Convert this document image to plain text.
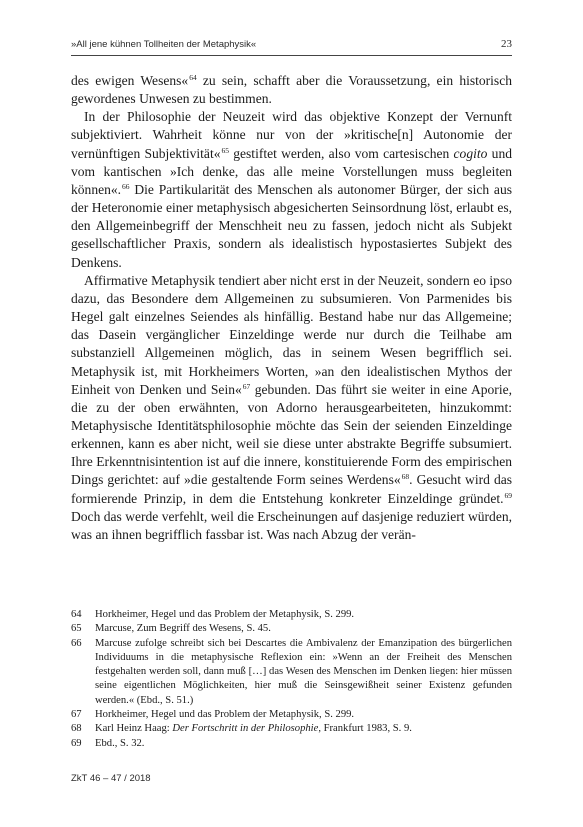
»All jene kühnen Tollheiten der Metaphysik«	23

des ewigen Wesens«$^{64}$ zu sein, schafft aber die Voraussetzung, ein historisch gewordenes Unwesen zu bestimmen.

In der Philosophie der Neuzeit wird das objektive Konzept der Vernunft subjektiviert. Wahrheit könne nur von der »kritische[n] Autonomie der vernünftigen Subjektivität«$^{65}$ gestiftet werden, also vom cartesischen cogito und vom kantischen »Ich denke, das alle meine Vorstellungen muss begleiten können«.$^{66}$ Die Partikularität des Menschen als autonomer Bürger, der sich aus der Heteronomie einer metaphysisch abgesicherten Seinsordnung löst, erlaubt es, den Allgemeinbegriff der Menschheit neu zu fassen, jedoch nicht als Subjekt gesellschaftlicher Praxis, sondern als idealistisch hypostasiertes Subjekt des Denkens.

Affirmative Metaphysik tendiert aber nicht erst in der Neuzeit, sondern eo ipso dazu, das Besondere dem Allgemeinen zu subsumieren. Von Parmenides bis Hegel galt einzelnes Seiendes als hinfällig. Bestand habe nur das Allgemeine; das Dasein vergänglicher Einzeldinge werde nur durch die Teilhabe am substanziell Allgemeinen möglich, das in seinem Wesen begrifflich sei. Metaphysik ist, mit Horkheimers Worten, »an den idealistischen Mythos der Einheit von Denken und Sein«$^{67}$ gebunden. Das führt sie weiter in eine Aporie, die zu der oben erwähnten, von Adorno herausgearbeiteten, hinzukommt: Metaphysische Identitätsphilosophie möchte das Sein der seienden Einzeldinge erkennen, kann es aber nicht, weil sie diese unter abstrakte Begriffe subsumiert. Ihre Erkenntnisintention ist auf die innere, konstituierende Form des empirischen Dings gerichtet: auf »die gestaltende Form seines Werdens«$^{68}$. Gesucht wird das formierende Prinzip, in dem die Entstehung konkreter Einzeldinge gründet.$^{69}$ Doch das werde verfehlt, weil die Erscheinungen auf dasjenige reduziert würden, was an ihnen begrifflich fassbar ist. Was nach Abzug der verän-

64	Horkheimer, Hegel und das Problem der Metaphysik, S. 299.
65	Marcuse, Zum Begriff des Wesens, S. 45.
66	Marcuse zufolge schreibt sich bei Descartes die Ambivalenz der Emanzipation des bürgerlichen Individuums in die metaphysische Reflexion ein: »Wenn an der Freiheit des Menschen festgehalten werden soll, dann muß […] das Wesen des Menschen im Denken liegen: hier müssen seine eigentlichen Möglichkeiten, hier muß die Seinsgewißheit seiner Existenz gefunden werden.« (Ebd., S. 51.)
67	Horkheimer, Hegel und das Problem der Metaphysik, S. 299.
68	Karl Heinz Haag: Der Fortschritt in der Philosophie, Frankfurt 1983, S. 9.
69	Ebd., S. 32.
ZkT 46 – 47 / 2018
